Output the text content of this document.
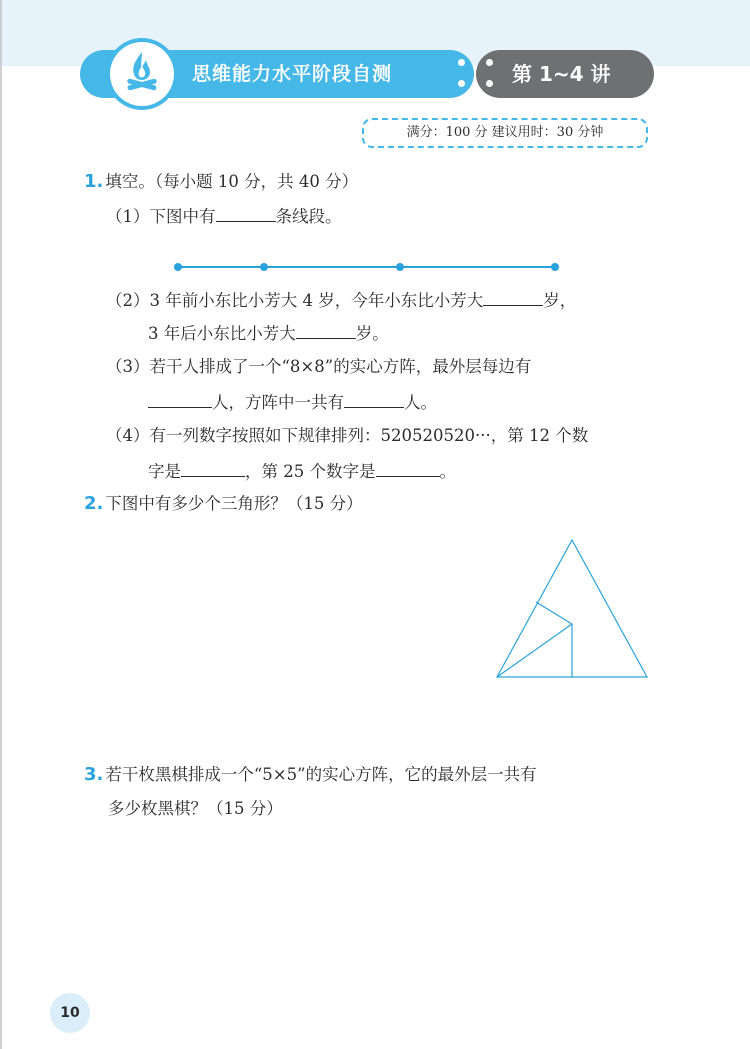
思维能力水平阶段自测	第 1~4 讲
满分：100 分 建议用时：30 分钟
1. 填空。（每小题 10 分，共 40 分）
（1）下图中有	条线段。
（2）3 年前小东比小芳大 4 岁，今年小东比小芳大	岁，
3 年后小东比小芳大	岁。
（3）若干人排成了一个“8×8”的实心方阵，最外层每边有
人，方阵中一共有	人。
（4）有一列数字按照如下规律排列：520520520···，第 12 个数
字是	，第 25 个数字是	。
2. 下图中有多少个三角形？（15 分）
3. 若干枚黑棋排成一个“5×5”的实心方阵，它的最外层一共有
多少枚黑棋？（15 分）
10
